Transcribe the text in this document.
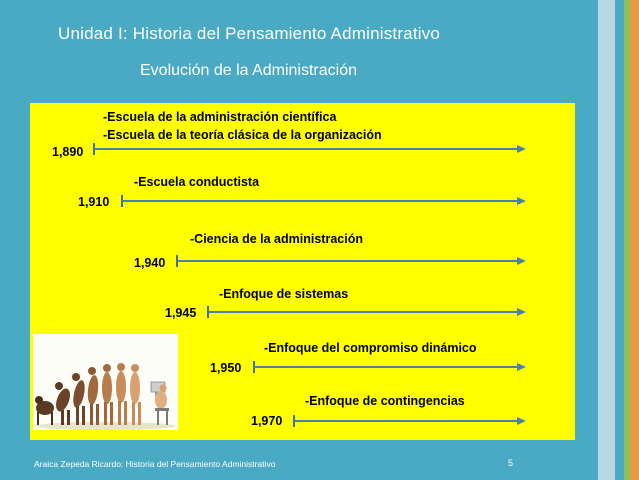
Unidad I: Historia del Pensamiento Administrativo
Evolución de la Administración
-Escuela de la administración científica
-Escuela de la teoría clásica de la organización
1,890
-Escuela conductista
1,910
-Ciencia de la administración
1,940
-Enfoque de sistemas
1,945
-Enfoque del compromiso dinámico
1,950
-Enfoque de contingencias
1,970
Araica Zepeda Ricardo: Historia del Pensamiento Administrativo	5
